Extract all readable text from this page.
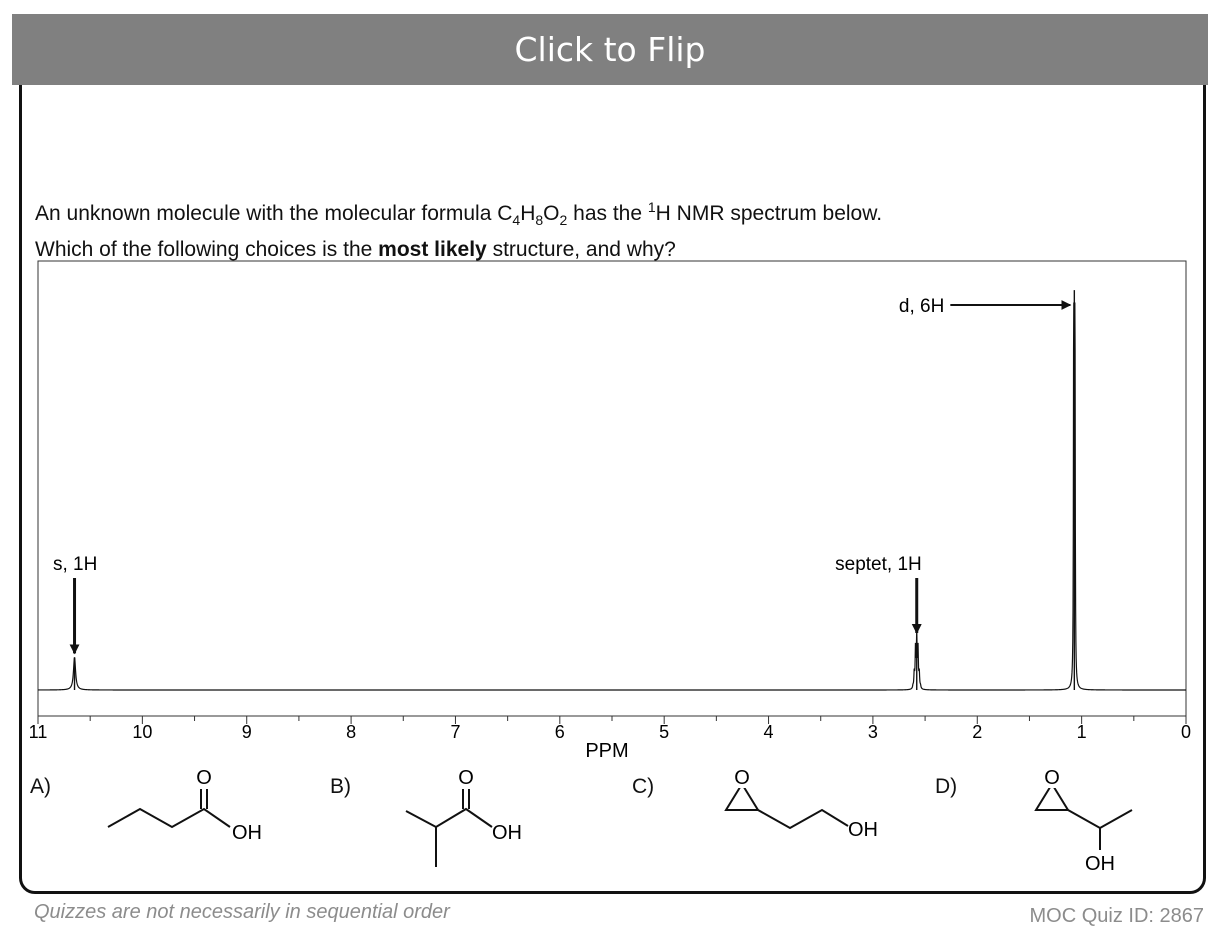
Click to Flip
An unknown molecule with the molecular formula $C_4H_8O_2$ has the $^1$H NMR spectrum below.
Which of the following choices is the most likely structure, and why?
11	10	9	8	7	6	5	4	3	2	1	0
s, 1H	septet, 1H
d, 6H
PPM
A)	O
OH
B)	O
OH
C)	O
OH
D)	O
OH
Quizzes are not necessarily in sequential order	MOC Quiz ID: 2867
